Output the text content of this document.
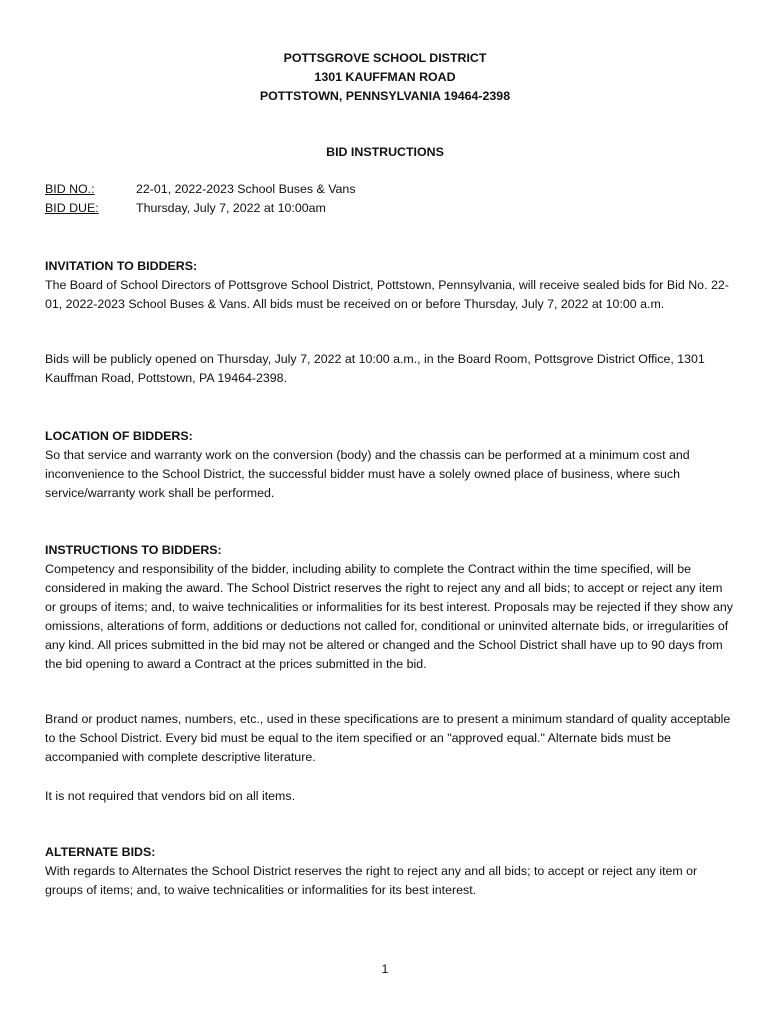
POTTSGROVE SCHOOL DISTRICT
1301 KAUFFMAN ROAD
POTTSTOWN, PENNSYLVANIA 19464-2398
BID INSTRUCTIONS
BID NO.:	22-01, 2022-2023 School Buses & Vans
BID DUE:	Thursday, July 7, 2022 at 10:00am
INVITATION TO BIDDERS:

The Board of School Directors of Pottsgrove School District, Pottstown, Pennsylvania, will receive sealed bids for Bid No. 22-01, 2022-2023 School Buses & Vans. All bids must be received on or before Thursday, July 7, 2022 at 10:00 a.m.

Bids will be publicly opened on Thursday, July 7, 2022 at 10:00 a.m., in the Board Room, Pottsgrove District Office, 1301 Kauffman Road, Pottstown, PA 19464-2398.

LOCATION OF BIDDERS:

So that service and warranty work on the conversion (body) and the chassis can be performed at a minimum cost and inconvenience to the School District, the successful bidder must have a solely owned place of business, where such service/warranty work shall be performed.

INSTRUCTIONS TO BIDDERS:

Competency and responsibility of the bidder, including ability to complete the Contract within the time specified, will be considered in making the award. The School District reserves the right to reject any and all bids; to accept or reject any item or groups of items; and, to waive technicalities or informalities for its best interest. Proposals may be rejected if they show any omissions, alterations of form, additions or deductions not called for, conditional or uninvited alternate bids, or irregularities of any kind. All prices submitted in the bid may not be altered or changed and the School District shall have up to 90 days from the bid opening to award a Contract at the prices submitted in the bid.

Brand or product names, numbers, etc., used in these specifications are to present a minimum standard of quality acceptable to the School District. Every bid must be equal to the item specified or an "approved equal." Alternate bids must be accompanied with complete descriptive literature.

It is not required that vendors bid on all items.

ALTERNATE BIDS:

With regards to Alternates the School District reserves the right to reject any and all bids; to accept or reject any item or groups of items; and, to waive technicalities or informalities for its best interest.

1
